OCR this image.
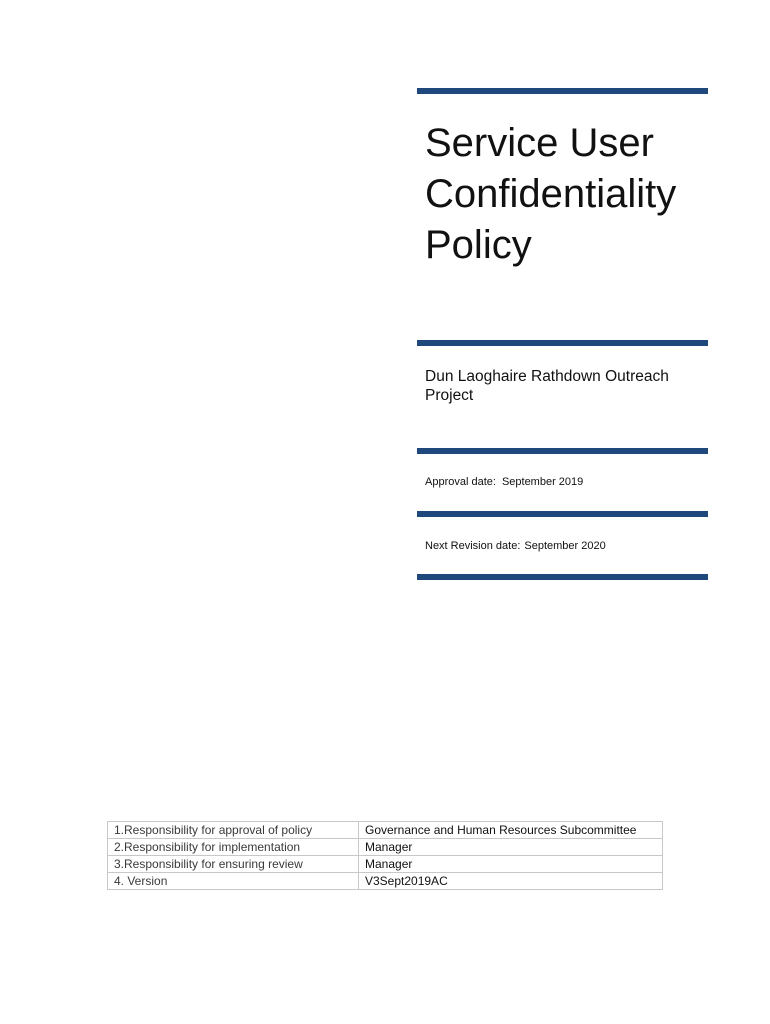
Service User Confidentiality Policy

Dun Laoghaire Rathdown Outreach Project

Approval date: September 2019

Next Revision date: September 2020

1.Responsibility for approval of policy	Governance and Human Resources Subcommittee
2.Responsibility for implementation	Manager
3.Responsibility for ensuring review	Manager
4. Version	V3Sept2019AC
